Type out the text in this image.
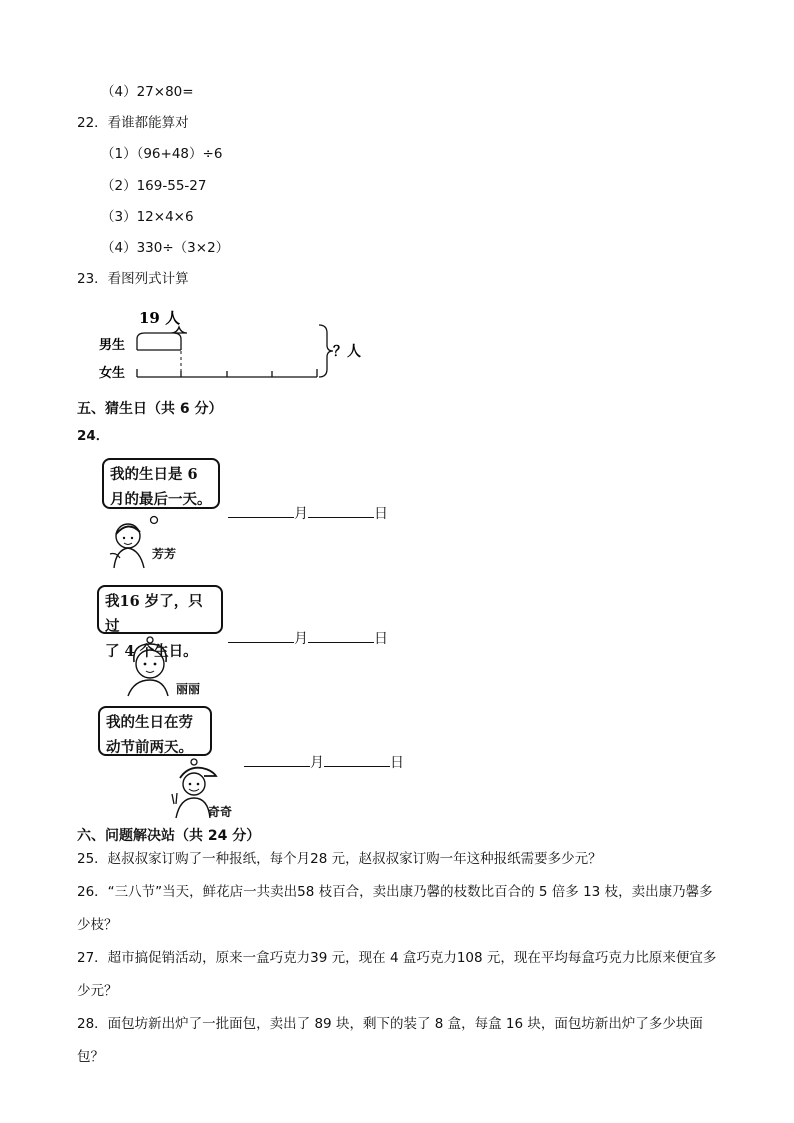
（4）27×80=
22．看谁都能算对
（1）（96+48）÷6
（2）169-55-27
（3）12×4×6
（4）330÷（3×2）
23．看图列式计算
19 人
男生
女生
？人
五、猜生日（共 6 分）
24．
我的生日是 6
月的最后一天。
芳芳
月	日
我16 岁了，只过
了 4 个生日。
丽丽
月	日
我的生日在劳
动节前两天。
奇奇
月	日
六、问题解决站（共 24 分）
25．赵叔叔家订购了一种报纸，每个月28 元，赵叔叔家订购一年这种报纸需要多少元？
26．“三八节”当天，鲜花店一共卖出58 枝百合，卖出康乃馨的枝数比百合的 5 倍多 13 枝，卖出康乃馨多少枝？
27．超市搞促销活动，原来一盒巧克力39 元，现在 4 盒巧克力108 元，现在平均每盒巧克力比原来便宜多少元？
28．面包坊新出炉了一批面包，卖出了 89 块，剩下的装了 8 盒，每盒 16 块，面包坊新出炉了多少块面包？
